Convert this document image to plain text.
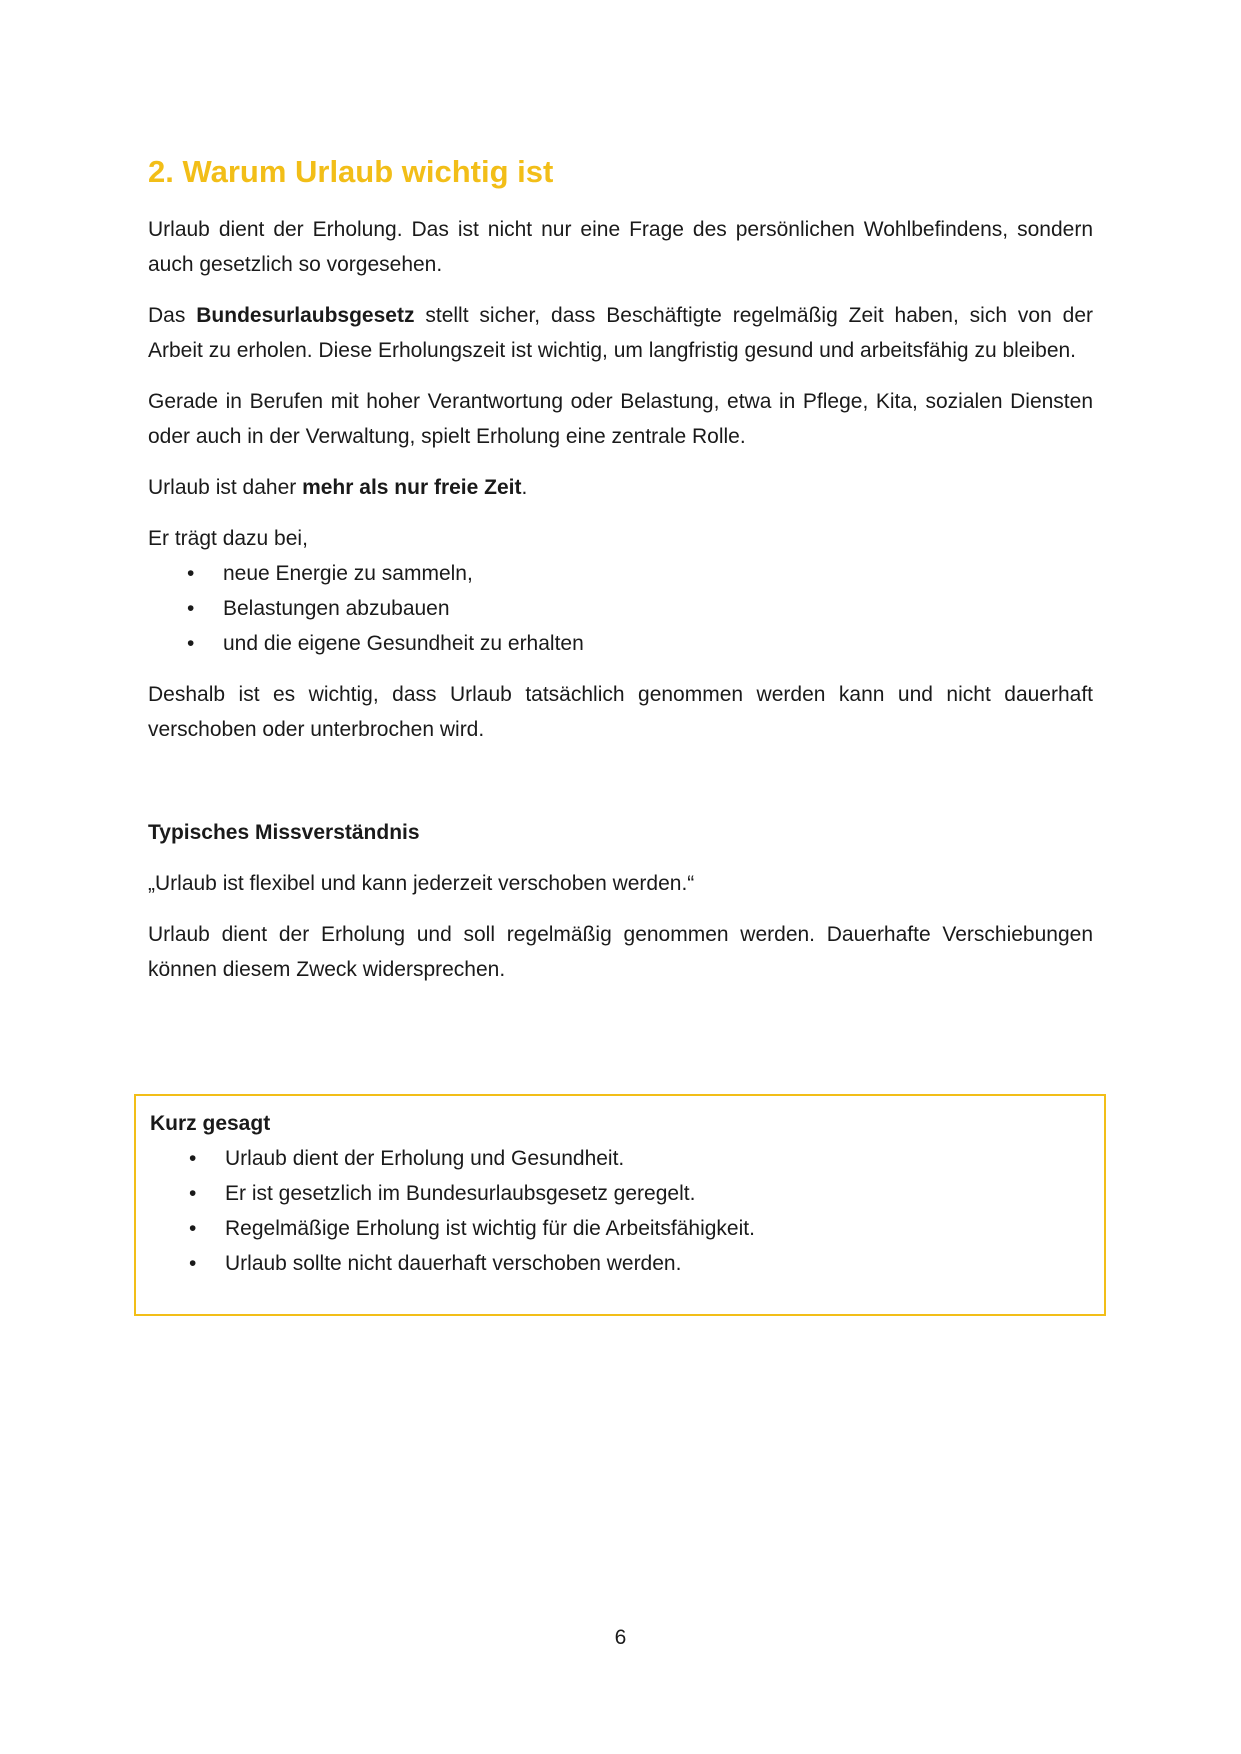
2. Warum Urlaub wichtig ist

Urlaub dient der Erholung. Das ist nicht nur eine Frage des persönlichen Wohlbefindens, sondern auch gesetzlich so vorgesehen.

Das Bundesurlaubsgesetz stellt sicher, dass Beschäftigte regelmäßig Zeit haben, sich von der Arbeit zu erholen. Diese Erholungszeit ist wichtig, um langfristig gesund und arbeitsfähig zu bleiben.

Gerade in Berufen mit hoher Verantwortung oder Belastung, etwa in Pflege, Kita, sozialen Diensten oder auch in der Verwaltung, spielt Erholung eine zentrale Rolle.

Urlaub ist daher mehr als nur freie Zeit.

Er trägt dazu bei,

• neue Energie zu sammeln,
• Belastungen abzubauen
• und die eigene Gesundheit zu erhalten

Deshalb ist es wichtig, dass Urlaub tatsächlich genommen werden kann und nicht dauerhaft verschoben oder unterbrochen wird.

Typisches Missverständnis

„Urlaub ist flexibel und kann jederzeit verschoben werden.“

Urlaub dient der Erholung und soll regelmäßig genommen werden. Dauerhafte Verschiebungen können diesem Zweck widersprechen.

Kurz gesagt
• Urlaub dient der Erholung und Gesundheit.
• Er ist gesetzlich im Bundesurlaubsgesetz geregelt.
• Regelmäßige Erholung ist wichtig für die Arbeitsfähigkeit.
• Urlaub sollte nicht dauerhaft verschoben werden.
6
